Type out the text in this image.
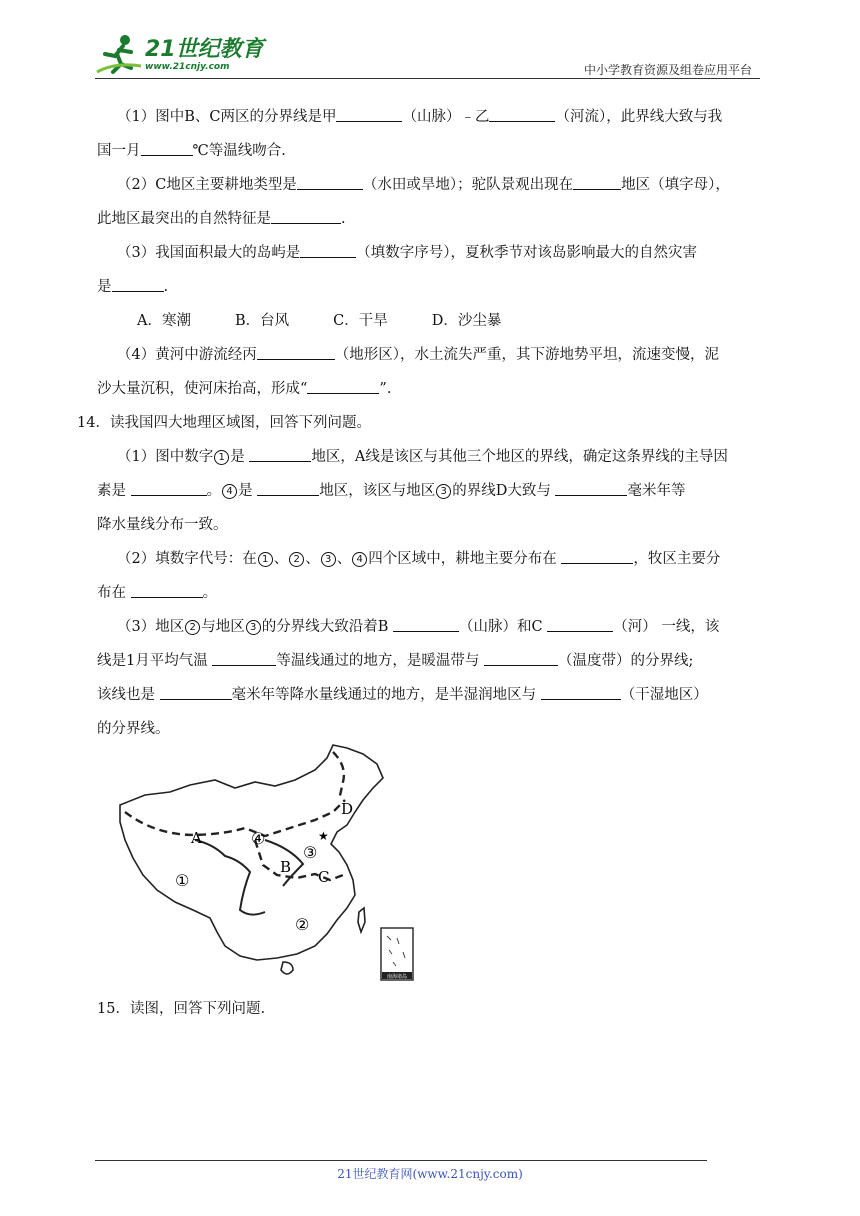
21世纪教育
www.21cnjy.com	中小学教育资源及组卷应用平台

（1）图中B、C两区的分界线是甲	（山脉）﹣乙	（河流），此界线大致与我

国一月	℃等温线吻合.

（2）C地区主要耕地类型是	（水田或旱地）；驼队景观出现在	地区（填字母），

此地区最突出的自然特征是	.

（3）我国面积最大的岛屿是	（填数字序号），夏秋季节对该岛影响最大的自然灾害

是	.

A．寒潮	B．台风	C．干旱	D．沙尘暴

（4）黄河中游流经丙	（地形区），水土流失严重，其下游地势平坦，流速变慢，泥

沙大量沉积，使河床抬高，形成“	”.

14．读我国四大地理区域图，回答下列问题。

（1）图中数字 1 是	地区，A线是该区与其他三个地区的界线，确定这条界线的主导因

素是	。 4 是	地区，该区与地区 3 的界线D大致与	毫米年等

降水量线分布一致。

（2）填数字代号：在 1 、 2 、 3 、 4 四个区域中，耕地主要分布在	，牧区主要分

布在	。

（3）地区 2 与地区 3 的分界线大致沿着B	（山脉）和C	（河） 一线，该

线是1月平均气温	等温线通过的地方，是暖温带与	（温度带）的分界线;

该线也是	毫米年等降水量线通过的地方，是半湿润地区与	（干湿地区）

的分界线。

A
B
C
D
①
②
③
④	★
南海诸岛

15．读图，回答下列问题.

21世纪教育网(www.21cnjy.com)
